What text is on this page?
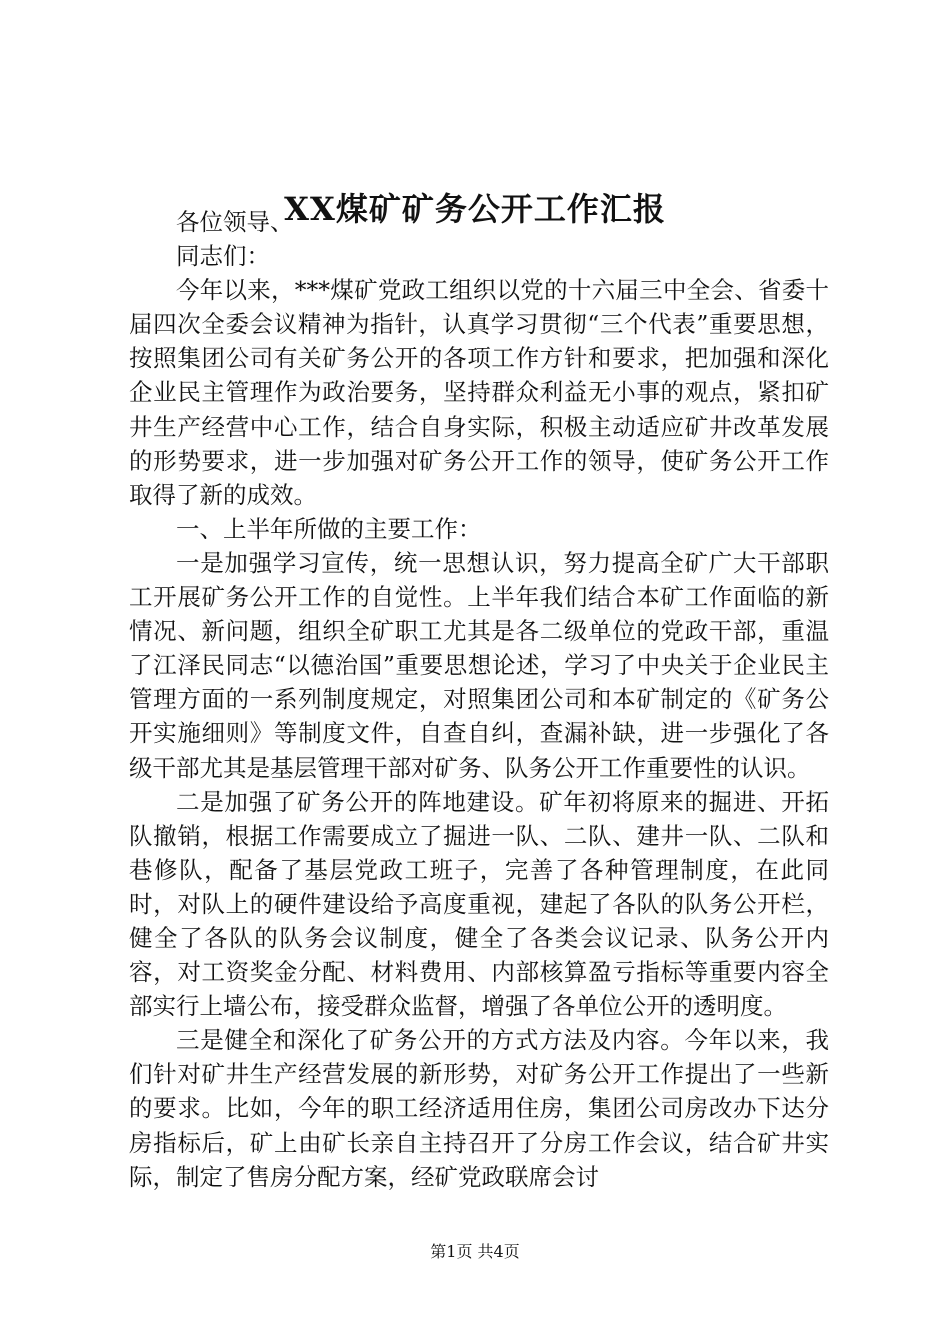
XX煤矿矿务公开工作汇报

各位领导、

同志们：

今年以来，***煤矿党政工组织以党的十六届三中全会、省委十届四次全委会议精神为指针，认真学习贯彻“三个代表”重要思想，按照集团公司有关矿务公开的各项工作方针和要求，把加强和深化企业民主管理作为政治要务，坚持群众利益无小事的观点，紧扣矿井生产经营中心工作，结合自身实际，积极主动适应矿井改革发展的形势要求，进一步加强对矿务公开工作的领导，使矿务公开工作取得了新的成效。

一、上半年所做的主要工作：

一是加强学习宣传，统一思想认识，努力提高全矿广大干部职工开展矿务公开工作的自觉性。上半年我们结合本矿工作面临的新情况、新问题，组织全矿职工尤其是各二级单位的党政干部，重温了江泽民同志“以德治国”重要思想论述，学习了中央关于企业民主管理方面的一系列制度规定，对照集团公司和本矿制定的《矿务公开实施细则》等制度文件，自查自纠，查漏补缺，进一步强化了各级干部尤其是基层管理干部对矿务、队务公开工作重要性的认识。

二是加强了矿务公开的阵地建设。矿年初将原来的掘进、开拓队撤销，根据工作需要成立了掘进一队、二队、建井一队、二队和巷修队，配备了基层党政工班子，完善了各种管理制度，在此同时，对队上的硬件建设给予高度重视，建起了各队的队务公开栏，健全了各队的队务会议制度，健全了各类会议记录、队务公开内容，对工资奖金分配、材料费用、内部核算盈亏指标等重要内容全部实行上墙公布，接受群众监督，增强了各单位公开的透明度。

三是健全和深化了矿务公开的方式方法及内容。今年以来，我们针对矿井生产经营发展的新形势，对矿务公开工作提出了一些新的要求。比如，今年的职工经济适用住房，集团公司房改办下达分房指标后，矿上由矿长亲自主持召开了分房工作会议，结合矿井实际，制定了售房分配方案，经矿党政联席会讨

第1页 共4页
